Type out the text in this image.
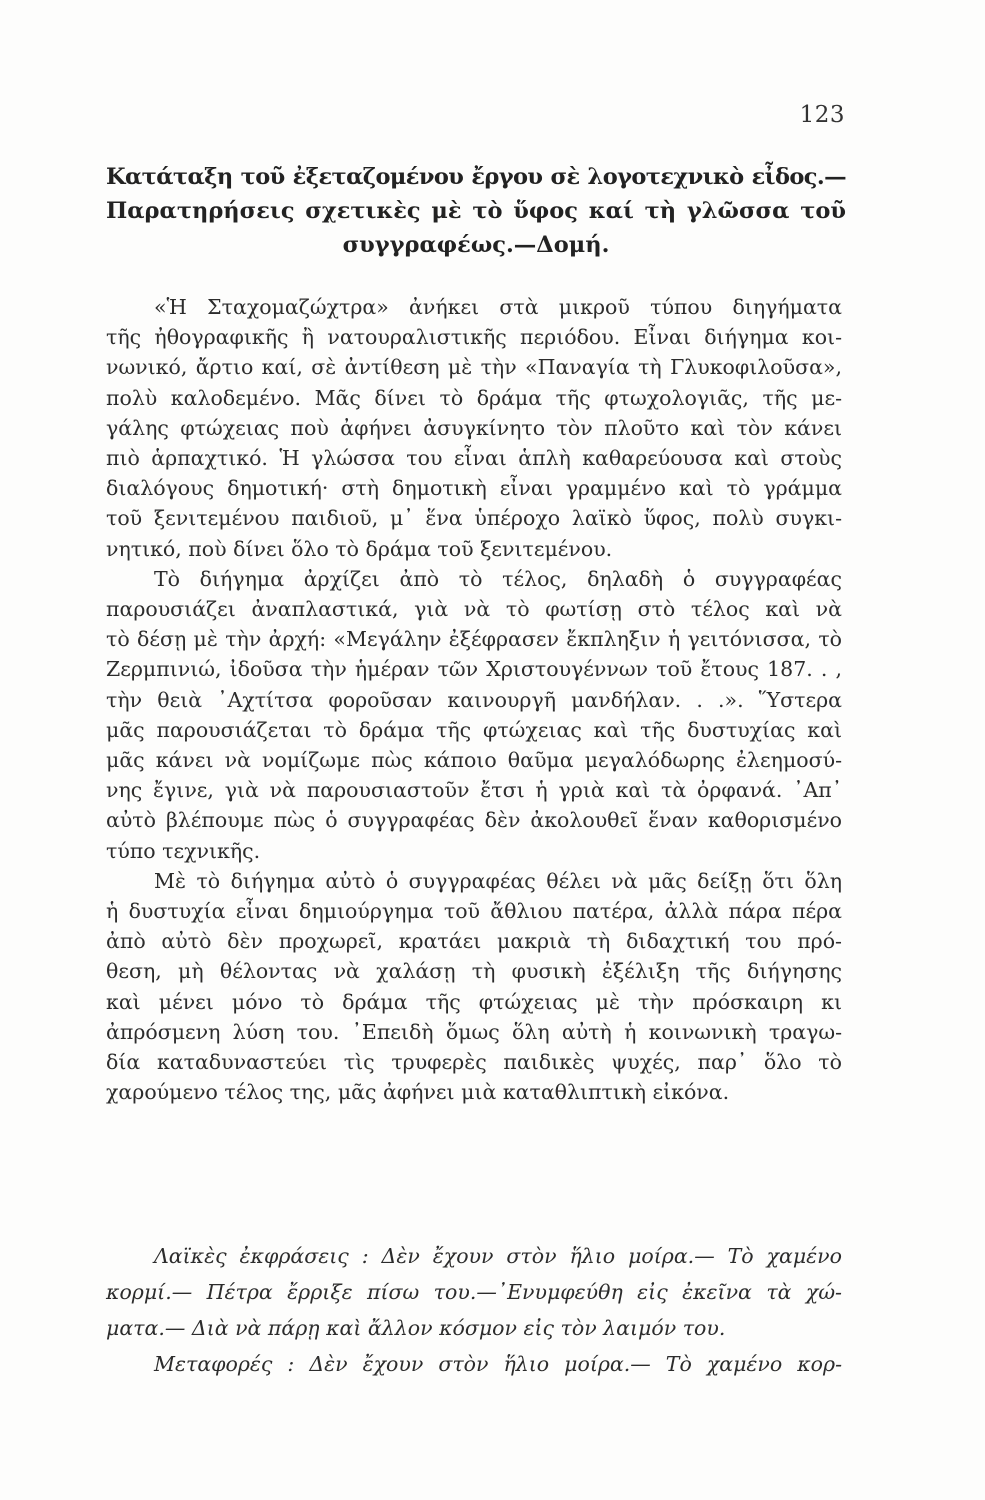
123
Κατάταξη τοῦ ἐξεταζομένου ἔργου σὲ λογοτεχνικὸ εἶδος.—
Παρατηρήσεις σχετικὲς μὲ τὸ ὕφος καί τὴ γλῶσσα τοῦ
συγγραφέως.—Δομή.
«Ἡ Σταχομαζώχτρα» ἀνήκει στὰ μικροῦ τύπου διηγήματα
τῆς ἠθογραφικῆς ἢ νατουραλιστικῆς περιόδου. Εἶναι διήγημα κοι-
νωνικό, ἄρτιο καί, σὲ ἀντίθεση μὲ τὴν «Παναγία τὴ Γλυκοφιλοῦσα»,
πολὺ καλοδεμένο. Μᾶς δίνει τὸ δράμα τῆς φτωχολογιᾶς, τῆς με-
γάλης φτώχειας ποὺ ἀφήνει ἀσυγκίνητο τὸν πλοῦτο καὶ τὸν κάνει
πιὸ ἁρπαχτικό. Ἡ γλώσσα του εἶναι ἁπλὴ καθαρεύουσα καὶ στοὺς
διαλόγους δημοτική· στὴ δημοτικὴ εἶναι γραμμένο καὶ τὸ γράμμα
τοῦ ξενιτεμένου παιδιοῦ, μ᾽ ἕνα ὑπέροχο λαϊκὸ ὕφος, πολὺ συγκι-
νητικό, ποὺ δίνει ὅλο τὸ δράμα τοῦ ξενιτεμένου.
Τὸ διήγημα ἀρχίζει ἀπὸ τὸ τέλος, δηλαδὴ ὁ συγγραφέας
παρουσιάζει ἀναπλαστικά, γιὰ νὰ τὸ φωτίσῃ στὸ τέλος καὶ νὰ
τὸ δέσῃ μὲ τὴν ἀρχή: «Μεγάλην ἐξέφρασεν ἔκπληξιν ἡ γειτόνισσα, τὸ
Ζερμπινιώ, ἰδοῦσα τὴν ἡμέραν τῶν Χριστουγέννων τοῦ ἔτους 187. . ,
τὴν θειὰ ᾽Αχτίτσα φοροῦσαν καινουργῆ μανδήλαν. . .». Ὕστερα
μᾶς παρουσιάζεται τὸ δράμα τῆς φτώχειας καὶ τῆς δυστυχίας καὶ
μᾶς κάνει νὰ νομίζωμε πὼς κάποιο θαῦμα μεγαλόδωρης ἐλεημοσύ-
νης ἔγινε, γιὰ νὰ παρουσιαστοῦν ἔτσι ἡ γριὰ καὶ τὰ ὀρφανά. ᾽Απ᾽
αὐτὸ βλέπουμε πὼς ὁ συγγραφέας δὲν ἀκολουθεῖ ἕναν καθορισμένο
τύπο τεχνικῆς.
Μὲ τὸ διήγημα αὐτὸ ὁ συγγραφέας θέλει νὰ μᾶς δείξῃ ὅτι ὅλη
ἡ δυστυχία εἶναι δημιούργημα τοῦ ἄθλιου πατέρα, ἀλλὰ πάρα πέρα
ἀπὸ αὐτὸ δὲν προχωρεῖ, κρατάει μακριὰ τὴ διδαχτική του πρό-
θεση, μὴ θέλοντας νὰ χαλάσῃ τὴ φυσικὴ ἐξέλιξη τῆς διήγησης
καὶ μένει μόνο τὸ δράμα τῆς φτώχειας μὲ τὴν πρόσκαιρη κι
ἀπρόσμενη λύση του. ᾽Επειδὴ ὅμως ὅλη αὐτὴ ἡ κοινωνικὴ τραγω-
δία καταδυναστεύει τὶς τρυφερὲς παιδικὲς ψυχές, παρ᾽ ὅλο τὸ
χαρούμενο τέλος της, μᾶς ἀφήνει μιὰ καταθλιπτικὴ εἰκόνα.
Λαϊκὲς ἐκφράσεις : Δὲν ἔχουν στὸν ἥλιο μοίρα.— Τὸ χαμένο
κορμί.— Πέτρα ἔρριξε πίσω του.—᾽Ενυμφεύθη εἰς ἐκεῖνα τὰ χώ-
ματα.— Διὰ νὰ πάρῃ καὶ ἄλλον κόσμον εἰς τὸν λαιμόν του.
Μεταφορές : Δὲν ἔχουν στὸν ἥλιο μοίρα.— Τὸ χαμένο κορ-
